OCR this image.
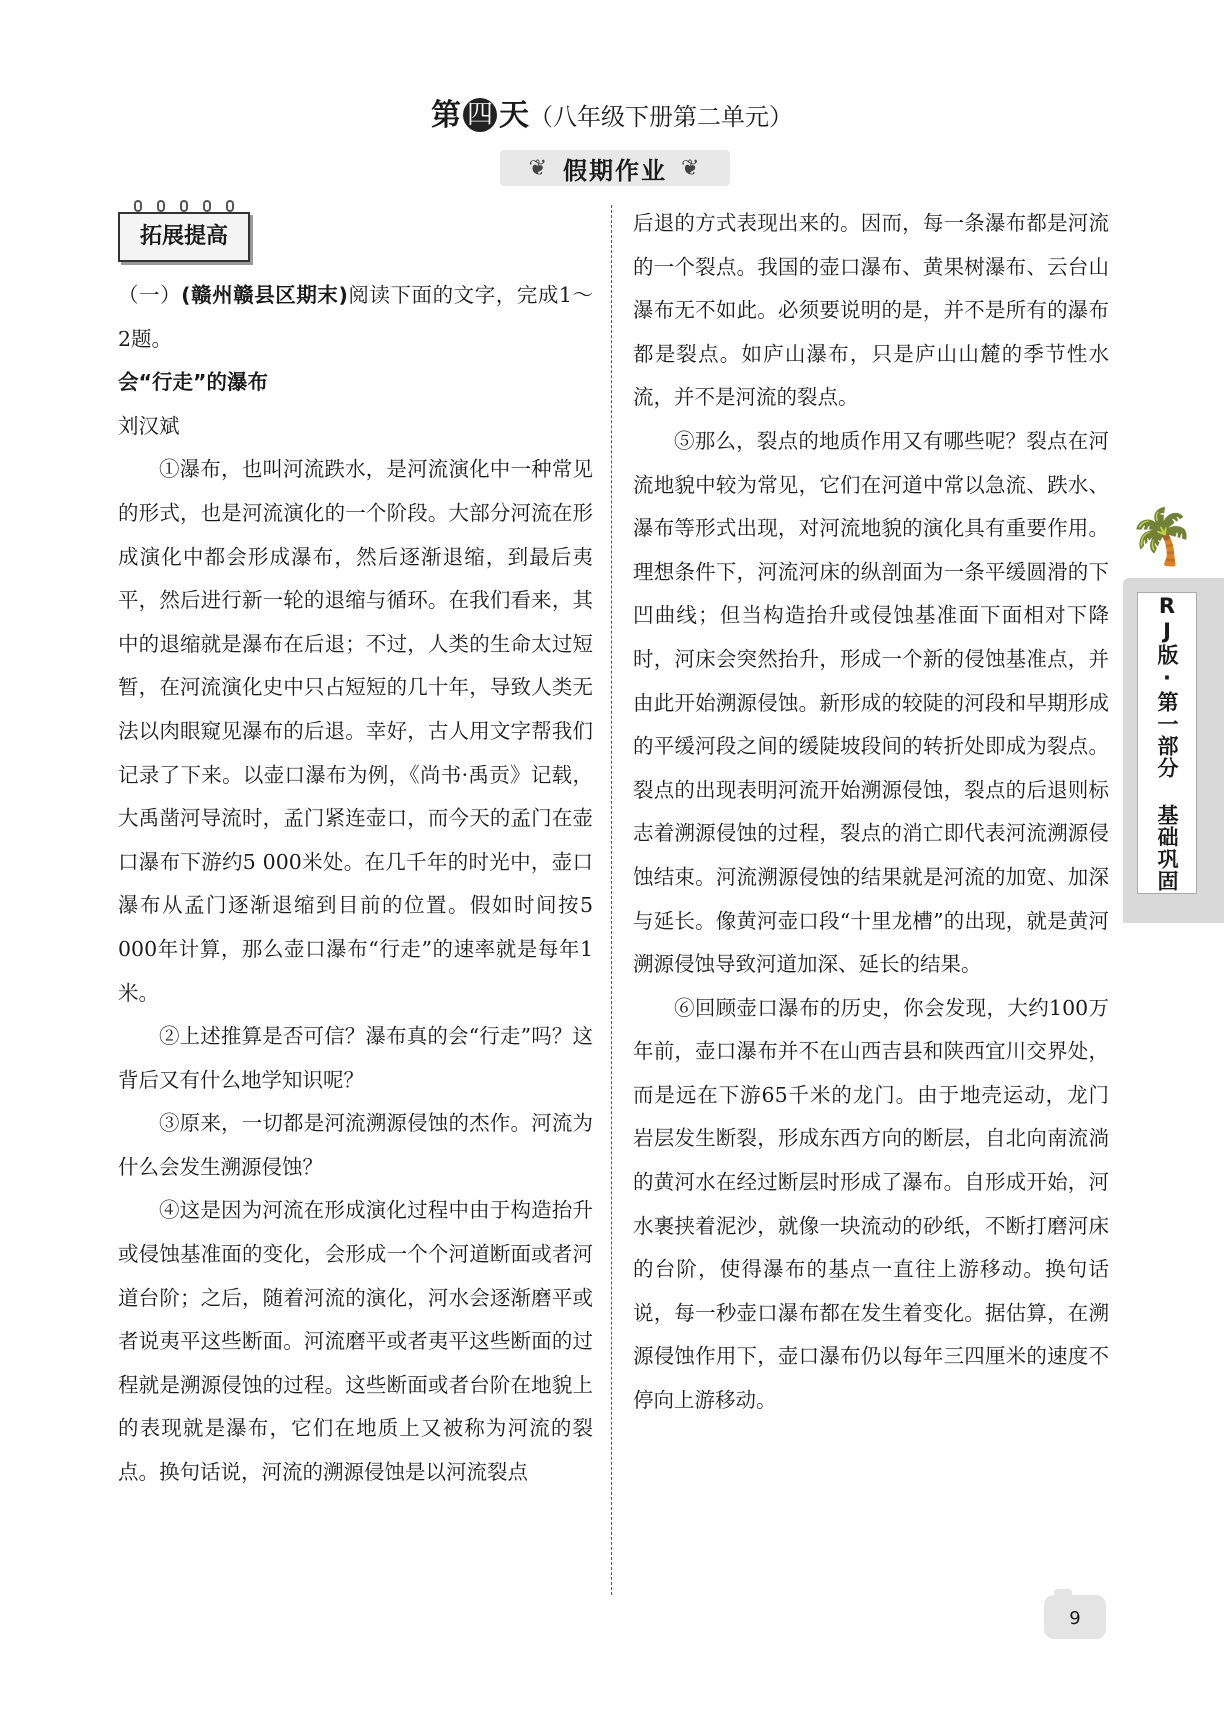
第 四 天（八年级下册第二单元）
❦ 假期作业 ❦
拓展提高

（一）(赣州赣县区期末)阅读下面的文字，完成1～2题。

会“行走”的瀑布

刘汉斌

①瀑布，也叫河流跌水，是河流演化中一种常见的形式，也是河流演化的一个阶段。大部分河流在形成演化中都会形成瀑布，然后逐渐退缩，到最后夷平，然后进行新一轮的退缩与循环。在我们看来，其中的退缩就是瀑布在后退；不过，人类的生命太过短暂，在河流演化史中只占短短的几十年，导致人类无法以肉眼窥见瀑布的后退。幸好，古人用文字帮我们记录了下来。以壶口瀑布为例，《尚书·禹贡》记载，大禹凿河导流时，孟门紧连壶口，而今天的孟门在壶口瀑布下游约5 000米处。在几千年的时光中，壶口瀑布从孟门逐渐退缩到目前的位置。假如时间按5 000年计算，那么壶口瀑布“行走”的速率就是每年1米。

②上述推算是否可信？瀑布真的会“行走”吗？这背后又有什么地学知识呢？

③原来，一切都是河流溯源侵蚀的杰作。河流为什么会发生溯源侵蚀？

④这是因为河流在形成演化过程中由于构造抬升或侵蚀基准面的变化，会形成一个个河道断面或者河道台阶；之后，随着河流的演化，河水会逐渐磨平或者说夷平这些断面。河流磨平或者夷平这些断面的过程就是溯源侵蚀的过程。这些断面或者台阶在地貌上的表现就是瀑布，它们在地质上又被称为河流的裂点。换句话说，河流的溯源侵蚀是以河流裂点

后退的方式表现出来的。因而，每一条瀑布都是河流的一个裂点。我国的壶口瀑布、黄果树瀑布、云台山瀑布无不如此。必须要说明的是，并不是所有的瀑布都是裂点。如庐山瀑布，只是庐山山麓的季节性水流，并不是河流的裂点。

⑤那么，裂点的地质作用又有哪些呢？裂点在河流地貌中较为常见，它们在河道中常以急流、跌水、瀑布等形式出现，对河流地貌的演化具有重要作用。理想条件下，河流河床的纵剖面为一条平缓圆滑的下凹曲线；但当构造抬升或侵蚀基准面下面相对下降时，河床会突然抬升，形成一个新的侵蚀基准点，并由此开始溯源侵蚀。新形成的较陡的河段和早期形成的平缓河段之间的缓陡坡段间的转折处即成为裂点。裂点的出现表明河流开始溯源侵蚀，裂点的后退则标志着溯源侵蚀的过程，裂点的消亡即代表河流溯源侵蚀结束。河流溯源侵蚀的结果就是河流的加宽、加深与延长。像黄河壶口段“十里龙槽”的出现，就是黄河溯源侵蚀导致河道加深、延长的结果。

⑥回顾壶口瀑布的历史，你会发现，大约100万年前，壶口瀑布并不在山西吉县和陕西宜川交界处，而是远在下游65千米的龙门。由于地壳运动，龙门岩层发生断裂，形成东西方向的断层，自北向南流淌的黄河水在经过断层时形成了瀑布。自形成开始，河水裹挟着泥沙，就像一块流动的砂纸，不断打磨河床的台阶，使得瀑布的基点一直往上游移动。换句话说，每一秒壶口瀑布都在发生着变化。据估算，在溯源侵蚀作用下，壶口瀑布仍以每年三四厘米的速度不停向上游移动。

🌴
RJ版·第一部分 基础巩固
9
